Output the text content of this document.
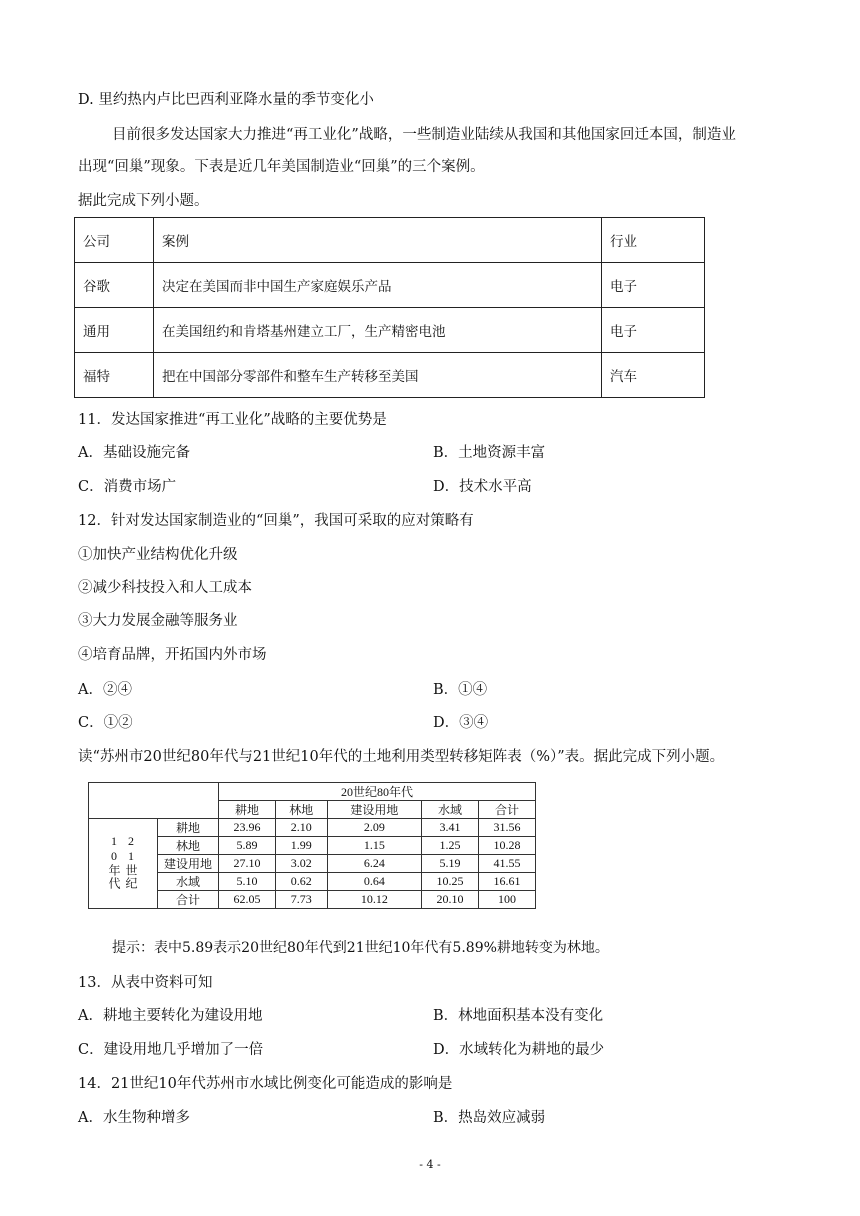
D. 里约热内卢比巴西利亚降水量的季节变化小
目前很多发达国家大力推进“再工业化”战略，一些制造业陆续从我国和其他国家回迁本国，制造业
出现“回巢”现象。下表是近几年美国制造业“回巢”的三个案例。
据此完成下列小题。
公司	案例	行业
谷歌	决定在美国而非中国生产家庭娱乐产品	电子
通用	在美国纽约和肯塔基州建立工厂，生产精密电池	电子
福特	把在中国部分零部件和整车生产转移至美国	汽车
11．发达国家推进“再工业化”战略的主要优势是
A．基础设施完备	B．土地资源丰富
C．消费市场广	D．技术水平高
12．针对发达国家制造业的“回巢”，我国可采取的应对策略有
①加快产业结构优化升级
②减少科技投入和人工成本
③大力发展金融等服务业
④培育品牌，开拓国内外市场
A．②④	B．①④
C．①②	D．③④
读“苏州市20世纪80年代与21世纪10年代的土地利用类型转移矩阵表（%）”表。据此完成下列小题。
		20世纪80年代				
		耕地	林地	建设用地	水域	合计
21世纪10年代	耕地	23.96	2.10	2.09	3.41	31.56
	林地	5.89	1.99	1.15	1.25	10.28
	建设用地	27.10	3.02	6.24	5.19	41.55
	水域	5.10	0.62	0.64	10.25	16.61
	合计	62.05	7.73	10.12	20.10	100
提示：表中5.89表示20世纪80年代到21世纪10年代有5.89%耕地转变为林地。
13．从表中资料可知
A．耕地主要转化为建设用地	B．林地面积基本没有变化
C．建设用地几乎增加了一倍	D．水域转化为耕地的最少
14．21世纪10年代苏州市水域比例变化可能造成的影响是
A．水生物种增多	B．热岛效应减弱
- 4 -
